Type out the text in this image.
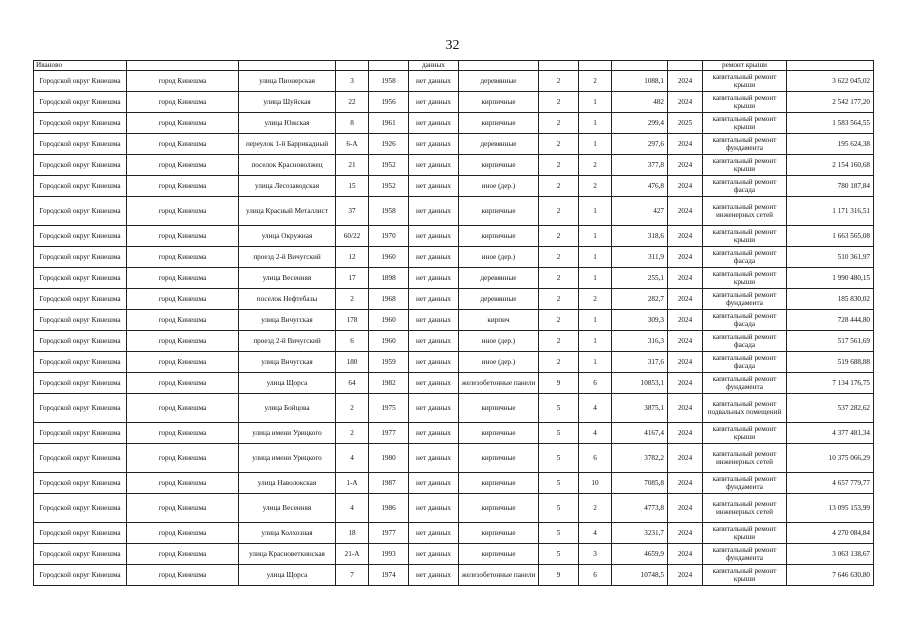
32
Иваново					данных						ремонт крыши	
Городской округ Кинешма	город Кинешма	улица Пионерская	3	1958	нет данных	деревянные	2	2	1088,1	2024	капитальный ремонт крыши	3 622 045,02
Городской округ Кинешма	город Кинешма	улица Шуйская	22	1956	нет данных	кирпичные	2	1	482	2024	капитальный ремонт крыши	2 542 177,20
Городской округ Кинешма	город Кинешма	улица Южская	8	1961	нет данных	кирпичные	2	1	299,4	2025	капитальный ремонт крыши	1 583 564,55
Городской округ Кинешма	город Кинешма	переулок 1-й Баррикадный	6-А	1926	нет данных	деревянные	2	1	297,6	2024	капитальный ремонт фундамента	195 624,38
Городской округ Кинешма	город Кинешма	поселок Красноволжец	21	1952	нет данных	кирпичные	2	2	377,8	2024	капитальный ремонт крыши	2 154 160,68
Городской округ Кинешма	город Кинешма	улица Лесозаводская	15	1952	нет данных	иное (дер.)	2	2	476,8	2024	капитальный ремонт фасада	780 187,84
Городской округ Кинешма	город Кинешма	улица Красный Металлист	37	1958	нет данных	кирпичные	2	1	427	2024	капитальный ремонт инженерных сетей	1 171 316,51
Городской округ Кинешма	город Кинешма	улица Окружная	60/22	1970	нет данных	кирпичные	2	1	318,6	2024	капитальный ремонт крыши	1 663 565,08
Городской округ Кинешма	город Кинешма	проезд 2-й Вичугский	12	1960	нет данных	иное (дер.)	2	1	311,9	2024	капитальный ремонт фасада	510 361,97
Городской округ Кинешма	город Кинешма	улица Весенняя	17	1898	нет данных	деревянные	2	1	255,1	2024	капитальный ремонт крыши	1 990 480,15
Городской округ Кинешма	город Кинешма	поселок Нефтебазы	2	1968	нет данных	деревянные	2	2	282,7	2024	капитальный ремонт фундамента	185 830,02
Городской округ Кинешма	город Кинешма	улица Вичугская	178	1960	нет данных	кирпич	2	1	309,3	2024	капитальный ремонт фасада	728 444,80
Городской округ Кинешма	город Кинешма	проезд 2-й Вичугский	6	1960	нет данных	иное (дер.)	2	1	316,3	2024	капитальный ремонт фасада	517 561,69
Городской округ Кинешма	город Кинешма	улица Вичугская	180	1959	нет данных	иное (дер.)	2	1	317,6	2024	капитальный ремонт фасада	519 688,88
Городской округ Кинешма	город Кинешма	улица Щорса	64	1982	нет данных	железобетонные панели	9	6	10853,1	2024	капитальный ремонт фундамента	7 134 176,75
Городской округ Кинешма	город Кинешма	улица Бойцова	2	1975	нет данных	кирпичные	5	4	3875,1	2024	капитальный ремонт подвальных помещений	537 282,62
Городской округ Кинешма	город Кинешма	улица имени Урицкого	2	1977	нет данных	кирпичные	5	4	4167,4	2024	капитальный ремонт крыши	4 377 481,34
Городской округ Кинешма	город Кинешма	улица имени Урицкого	4	1980	нет данных	кирпичные	5	6	3782,2	2024	капитальный ремонт инженерных сетей	10 375 066,29
Городской округ Кинешма	город Кинешма	улица Наволокская	1-А	1987	нет данных	кирпичные	5	10	7085,8	2024	капитальный ремонт фундамента	4 657 779,77
Городской округ Кинешма	город Кинешма	улица Весенняя	4	1986	нет данных	кирпичные	5	2	4773,8	2024	капитальный ремонт инженерных сетей	13 095 153,99
Городской округ Кинешма	город Кинешма	улица Колхозная	18	1977	нет данных	кирпичные	5	4	3231,7	2024	капитальный ремонт крыши	4 270 084,84
Городской округ Кинешма	город Кинешма	улица Красноветкинская	21-А	1993	нет данных	кирпичные	5	3	4659,9	2024	капитальный ремонт фундамента	3 063 138,67
Городской округ Кинешма	город Кинешма	улица Щорса	7	1974	нет данных	железобетонные панели	9	6	10748,5	2024	капитальный ремонт крыши	7 646 630,80
